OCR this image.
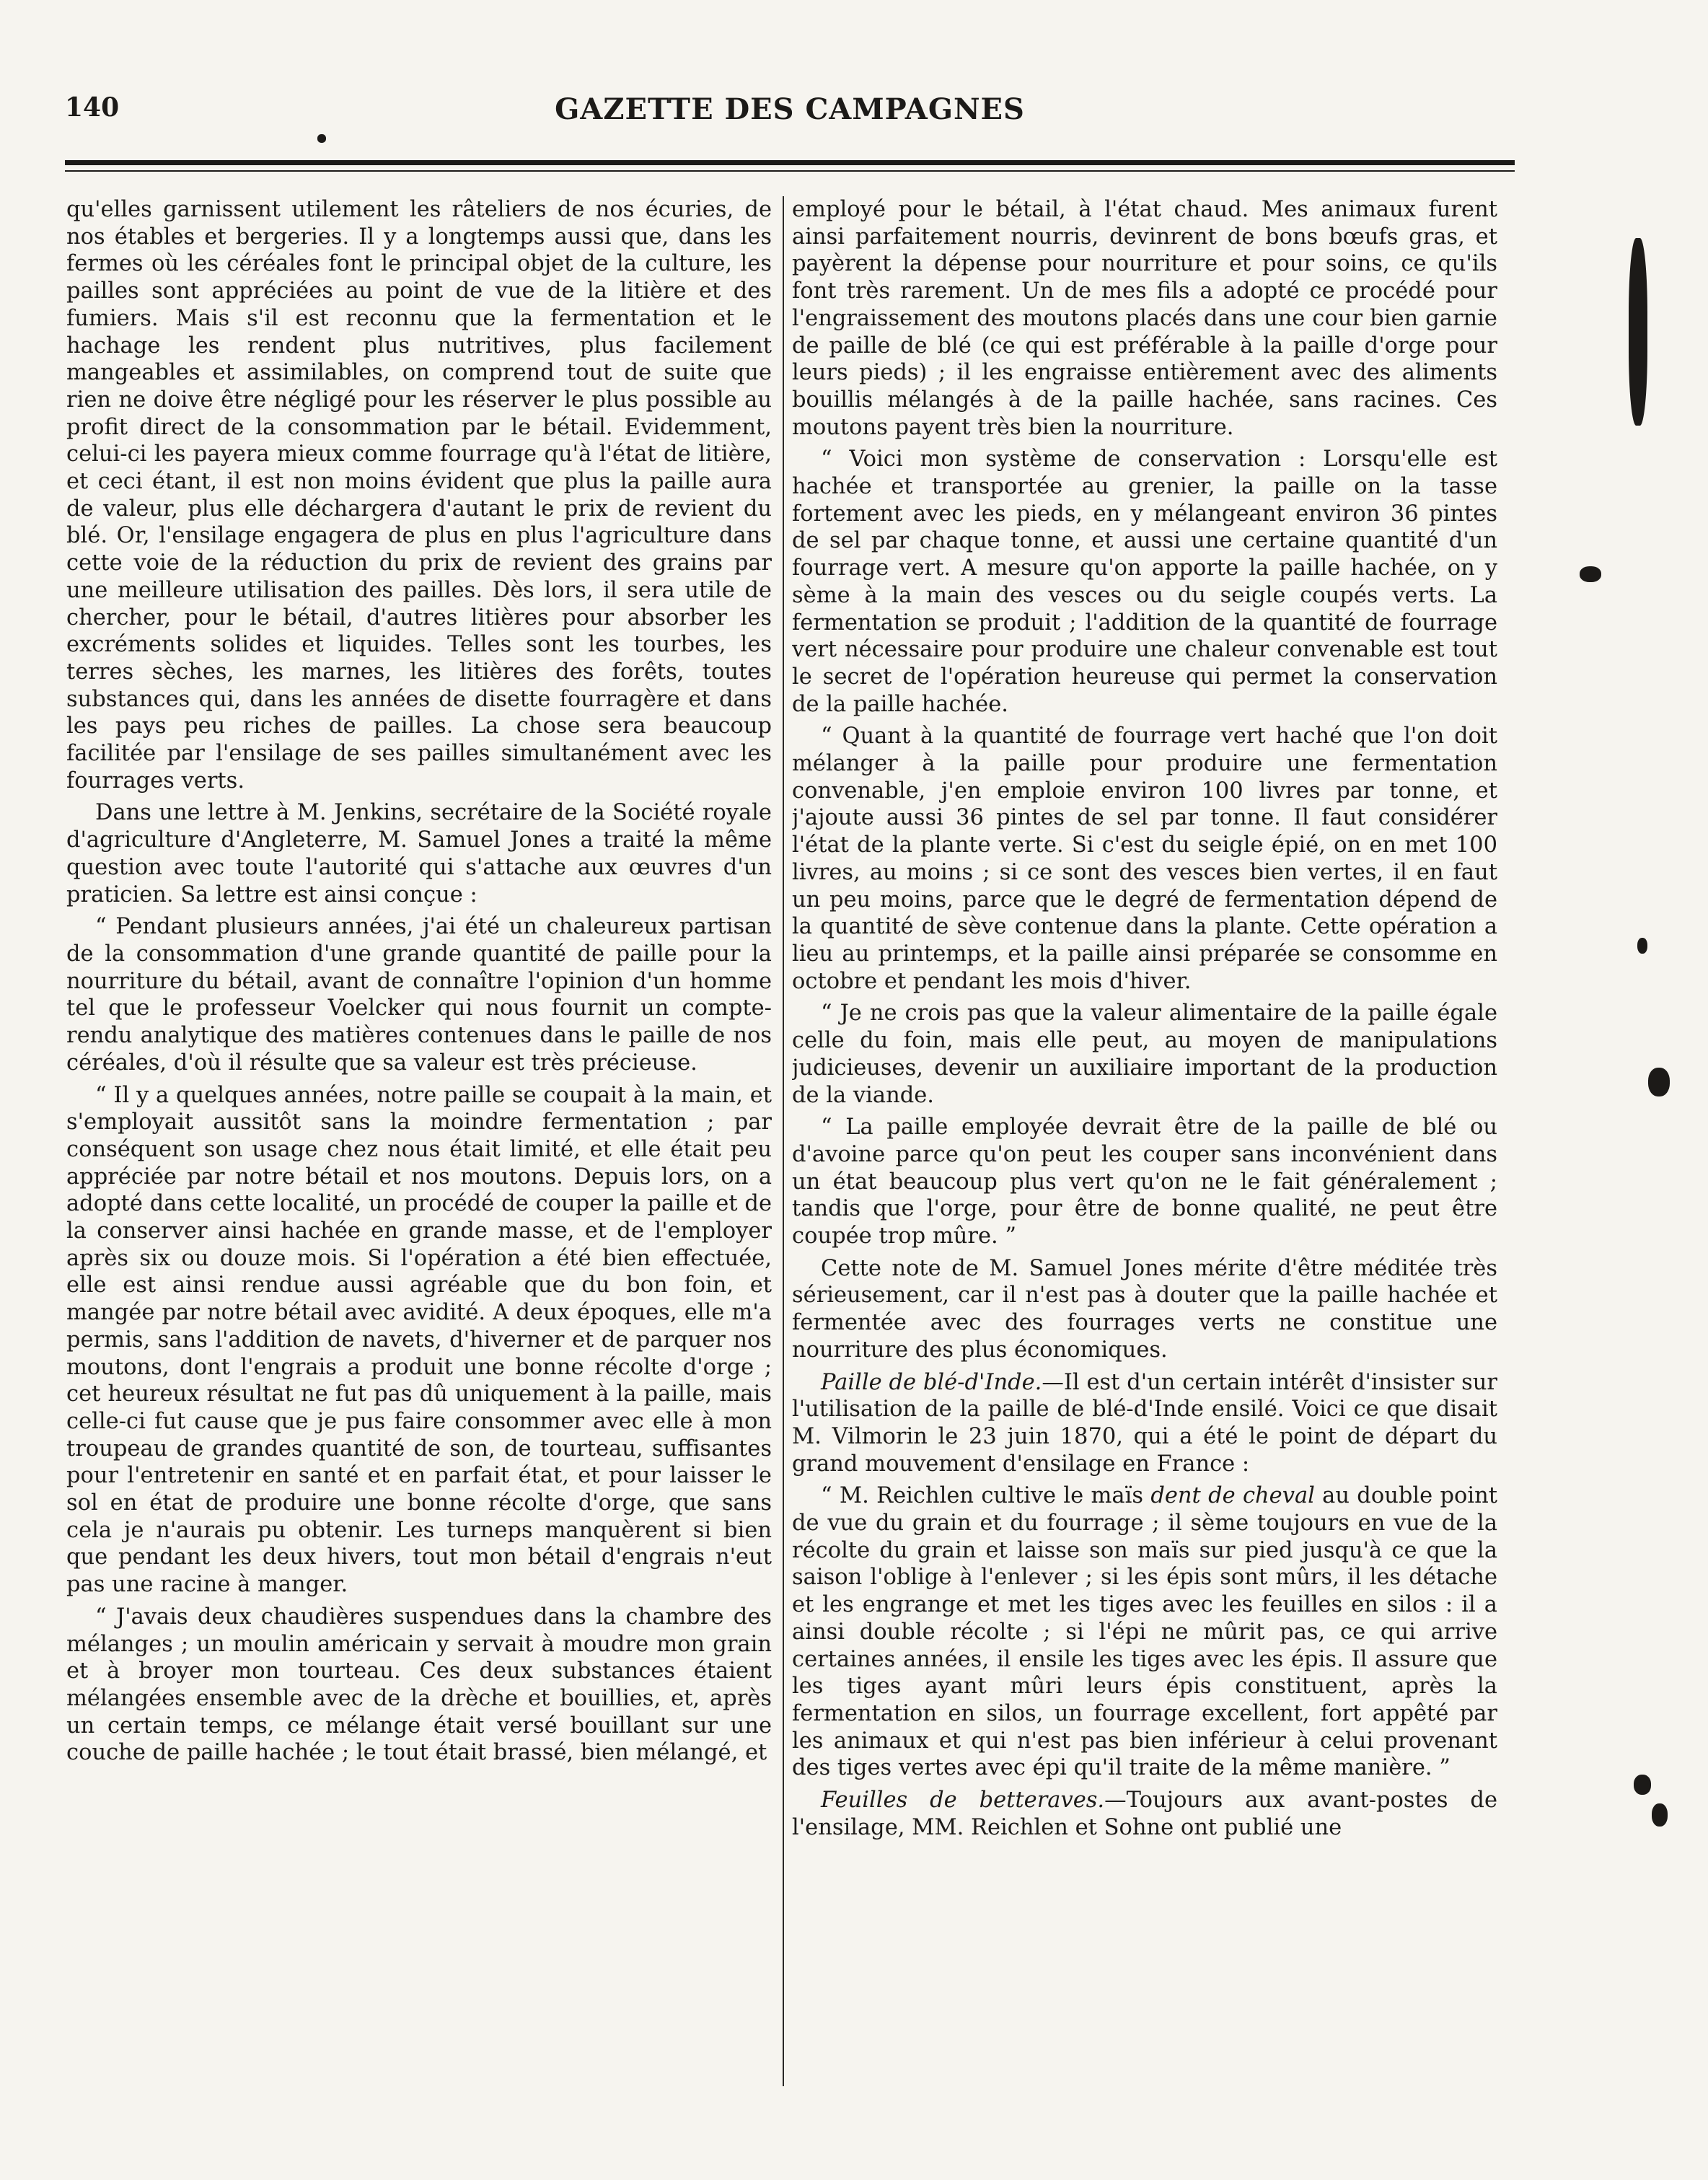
140	GAZETTE DES CAMPAGNES

qu'elles garnissent utilement les râteliers de nos écuries, de nos étables et bergeries. Il y a longtemps aussi que, dans les fermes où les céréales font le principal objet de la culture, les pailles sont appréciées au point de vue de la litière et des fumiers. Mais s'il est reconnu que la fermentation et le hachage les rendent plus nutritives, plus facilement mangeables et assimilables, on comprend tout de suite que rien ne doive être négligé pour les réserver le plus possible au profit direct de la consommation par le bétail. Evidemment, celui-ci les payera mieux comme fourrage qu'à l'état de litière, et ceci étant, il est non moins évident que plus la paille aura de valeur, plus elle déchargera d'autant le prix de revient du blé. Or, l'ensilage engagera de plus en plus l'agriculture dans cette voie de la réduction du prix de revient des grains par une meilleure utilisation des pailles. Dès lors, il sera utile de chercher, pour le bétail, d'autres litières pour absorber les excréments solides et liquides. Telles sont les tourbes, les terres sèches, les marnes, les litières des forêts, toutes substances qui, dans les années de disette fourragère et dans les pays peu riches de pailles. La chose sera beaucoup facilitée par l'ensilage de ses pailles simultanément avec les fourrages verts.

Dans une lettre à M. Jenkins, secrétaire de la Société royale d'agriculture d'Angleterre, M. Samuel Jones a traité la même question avec toute l'autorité qui s'attache aux œuvres d'un praticien. Sa lettre est ainsi conçue :

“ Pendant plusieurs années, j'ai été un chaleureux partisan de la consommation d'une grande quantité de paille pour la nourriture du bétail, avant de connaître l'opinion d'un homme tel que le professeur Voelcker qui nous fournit un compte-rendu analytique des matières contenues dans le paille de nos céréales, d'où il résulte que sa valeur est très précieuse.

“ Il y a quelques années, notre paille se coupait à la main, et s'employait aussitôt sans la moindre fermentation ; par conséquent son usage chez nous était limité, et elle était peu appréciée par notre bétail et nos moutons. Depuis lors, on a adopté dans cette localité, un procédé de couper la paille et de la conserver ainsi hachée en grande masse, et de l'employer après six ou douze mois. Si l'opération a été bien effectuée, elle est ainsi rendue aussi agréable que du bon foin, et mangée par notre bétail avec avidité. A deux époques, elle m'a permis, sans l'addition de navets, d'hiverner et de parquer nos moutons, dont l'engrais a produit une bonne récolte d'orge ; cet heureux résultat ne fut pas dû uniquement à la paille, mais celle-ci fut cause que je pus faire consommer avec elle à mon troupeau de grandes quantité de son, de tourteau, suffisantes pour l'entretenir en santé et en parfait état, et pour laisser le sol en état de produire une bonne récolte d'orge, que sans cela je n'aurais pu obtenir. Les turneps manquèrent si bien que pendant les deux hivers, tout mon bétail d'engrais n'eut pas une racine à manger.

“ J'avais deux chaudières suspendues dans la chambre des mélanges ; un moulin américain y servait à moudre mon grain et à broyer mon tourteau. Ces deux substances étaient mélangées ensemble avec de la drèche et bouillies, et, après un certain temps, ce mélange était versé bouillant sur une couche de paille hachée ; le tout était brassé, bien mélangé, et

employé pour le bétail, à l'état chaud. Mes animaux furent ainsi parfaitement nourris, devinrent de bons bœufs gras, et payèrent la dépense pour nourriture et pour soins, ce qu'ils font très rarement. Un de mes fils a adopté ce procédé pour l'engraissement des moutons placés dans une cour bien garnie de paille de blé (ce qui est préférable à la paille d'orge pour leurs pieds) ; il les engraisse entièrement avec des aliments bouillis mélangés à de la paille hachée, sans racines. Ces moutons payent très bien la nourriture.

“ Voici mon système de conservation : Lorsqu'elle est hachée et transportée au grenier, la paille on la tasse fortement avec les pieds, en y mélangeant environ 36 pintes de sel par chaque tonne, et aussi une certaine quantité d'un fourrage vert. A mesure qu'on apporte la paille hachée, on y sème à la main des vesces ou du seigle coupés verts. La fermentation se produit ; l'addition de la quantité de fourrage vert nécessaire pour produire une chaleur convenable est tout le secret de l'opération heureuse qui permet la conservation de la paille hachée.

“ Quant à la quantité de fourrage vert haché que l'on doit mélanger à la paille pour produire une fermentation convenable, j'en emploie environ 100 livres par tonne, et j'ajoute aussi 36 pintes de sel par tonne. Il faut considérer l'état de la plante verte. Si c'est du seigle épié, on en met 100 livres, au moins ; si ce sont des vesces bien vertes, il en faut un peu moins, parce que le degré de fermentation dépend de la quantité de sève contenue dans la plante. Cette opération a lieu au printemps, et la paille ainsi préparée se consomme en octobre et pendant les mois d'hiver.

“ Je ne crois pas que la valeur alimentaire de la paille égale celle du foin, mais elle peut, au moyen de manipulations judicieuses, devenir un auxiliaire important de la production de la viande.

“ La paille employée devrait être de la paille de blé ou d'avoine parce qu'on peut les couper sans inconvénient dans un état beaucoup plus vert qu'on ne le fait généralement ; tandis que l'orge, pour être de bonne qualité, ne peut être coupée trop mûre. ”

Cette note de M. Samuel Jones mérite d'être méditée très sérieusement, car il n'est pas à douter que la paille hachée et fermentée avec des fourrages verts ne constitue une nourriture des plus économiques.

Paille de blé-d'Inde.—Il est d'un certain intérêt d'insister sur l'utilisation de la paille de blé-d'Inde ensilé. Voici ce que disait M. Vilmorin le 23 juin 1870, qui a été le point de départ du grand mouvement d'ensilage en France :

“ M. Reichlen cultive le maïs dent de cheval au double point de vue du grain et du fourrage ; il sème toujours en vue de la récolte du grain et laisse son maïs sur pied jusqu'à ce que la saison l'oblige à l'enlever ; si les épis sont mûrs, il les détache et les engrange et met les tiges avec les feuilles en silos : il a ainsi double récolte ; si l'épi ne mûrit pas, ce qui arrive certaines années, il ensile les tiges avec les épis. Il assure que les tiges ayant mûri leurs épis constituent, après la fermentation en silos, un fourrage excellent, fort appêté par les animaux et qui n'est pas bien inférieur à celui provenant des tiges vertes avec épi qu'il traite de la même manière. ”

Feuilles de betteraves.—Toujours aux avant-postes de l'ensilage, MM. Reichlen et Sohne ont publié une
